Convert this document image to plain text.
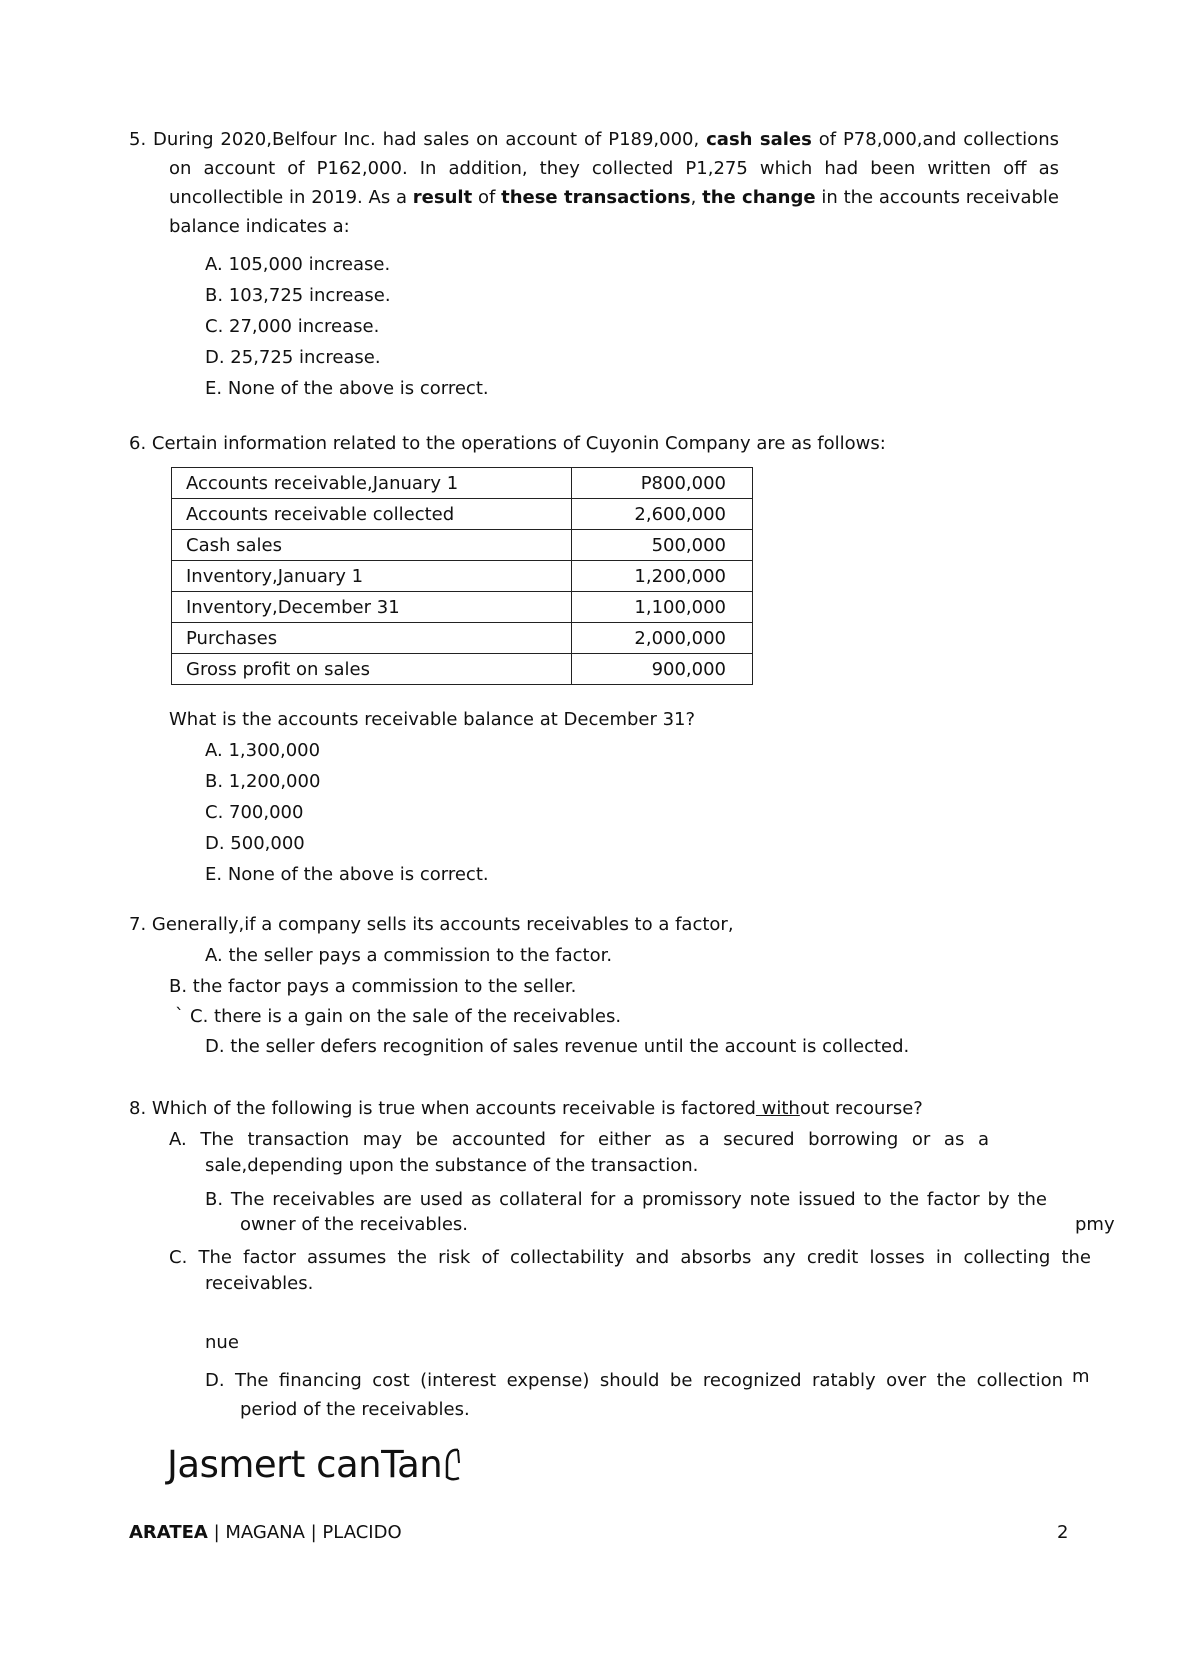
5. During 2020,Belfour Inc. had sales on account of P189,000, cash sales of P78,000,and collections
on account of P162,000. In addition, they collected P1,275 which had been written off as
uncollectible in 2019. As a result of these transactions, the change in the accounts receivable
balance indicates a:
A. 105,000 increase.
B. 103,725 increase.
C. 27,000 increase.
D. 25,725 increase.
E. None of the above is correct.
6. Certain information related to the operations of Cuyonin Company are as follows:
Accounts receivable,January 1	P800,000
Accounts receivable collected	2,600,000
Cash sales	500,000
Inventory,January 1	1,200,000
Inventory,December 31	1,100,000
Purchases	2,000,000
Gross profit on sales	900,000
What is the accounts receivable balance at December 31?
A. 1,300,000
B. 1,200,000
C. 700,000
D. 500,000
E. None of the above is correct.
7. Generally,if a company sells its accounts receivables to a factor,
A. the seller pays a commission to the factor.
B. the factor pays a commission to the seller.
` C. there is a gain on the sale of the receivables.
D. the seller defers recognition of sales revenue until the account is collected.
8. Which of the following is true when accounts receivable is factored without recourse?
A. The transaction may be accounted for either as a secured borrowing or as a
sale,depending upon the substance of the transaction.
B. The receivables are used as collateral for a promissory note issued to the factor by the
owner of the receivables.	pmy
C. The factor assumes the risk of collectability and absorbs any credit losses in collecting the
receivables.
nue
D. The financing cost (interest expense) should be recognized ratably over the collection m
period of the receivables.
Jasmert canTan
ARATEA | MAGANA | PLACIDO	2
